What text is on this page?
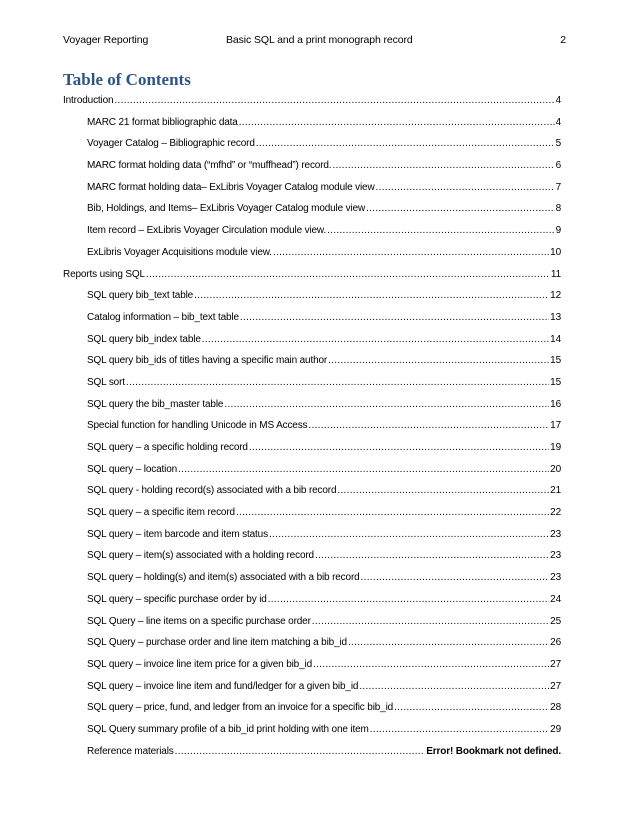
Voyager Reporting	Basic SQL and a print monograph record	2
Table of Contents
Introduction .....	4
MARC 21 format bibliographic data .....	4
Voyager Catalog – Bibliographic record .....	5
MARC format holding data (“mfhd” or “muffhead”) record. .....	6
MARC format holding data– ExLibris Voyager Catalog module view .....	7
Bib, Holdings, and Items– ExLibris Voyager Catalog module view .....	8
Item record – ExLibris Voyager Circulation module view. .....	9
ExLibris Voyager Acquisitions module view. .....	10
Reports using SQL .....	11
SQL query bib_text table .....	12
Catalog information – bib_text table .....	13
SQL query bib_index table .....	14
SQL query bib_ids of titles having a specific main author .....	15
SQL sort .....	15
SQL query the bib_master table .....	16
Special function for handling Unicode in MS Access .....	17
SQL query – a specific holding record .....	19
SQL query – location .....	20
SQL query - holding record(s) associated with a bib record .....	21
SQL query – a specific item record .....	22
SQL query – item barcode and item status .....	23
SQL query – item(s) associated with a holding record .....	23
SQL query – holding(s) and item(s) associated with a bib record .....	23
SQL query – specific purchase order by id .....	24
SQL Query – line items on a specific purchase order .....	25
SQL Query – purchase order and line item matching a bib_id .....	26
SQL query – invoice line item price for a given bib_id .....	27
SQL query – invoice line item and fund/ledger for a given bib_id .....	27
SQL query – price, fund, and ledger from an invoice for a specific bib_id .....	28
SQL Query summary profile of a bib_id print holding with one item .....	29
Reference materials .....	Error! Bookmark not defined.
